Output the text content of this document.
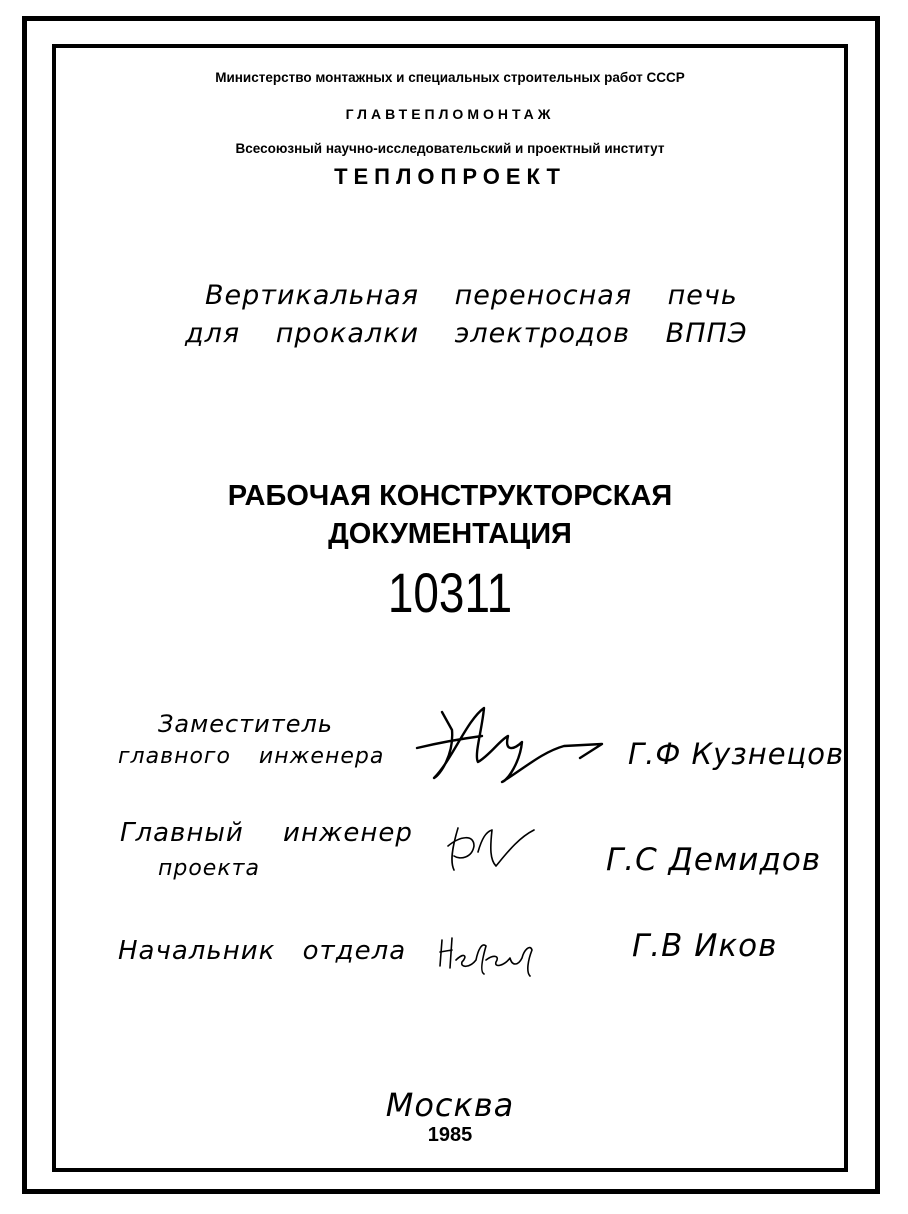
Министерство монтажных и специальных строительных работ СССР
ГЛАВТЕПЛОМОНТАЖ
Всесоюзный научно-исследовательский и проектный институт
ТЕПЛОПРОЕКТ
Вертикальная переносная печь
для прокалки электродов ВППЭ
РАБОЧАЯ КОНСТРУКТОРСКАЯ
ДОКУМЕНТАЦИЯ
10311
Заместитель
главного инженера	Г.Ф Кузнецов
Главный инженер
проекта	Г.С Демидов
Начальник отдела	Г.В Иков
Москва
1985
